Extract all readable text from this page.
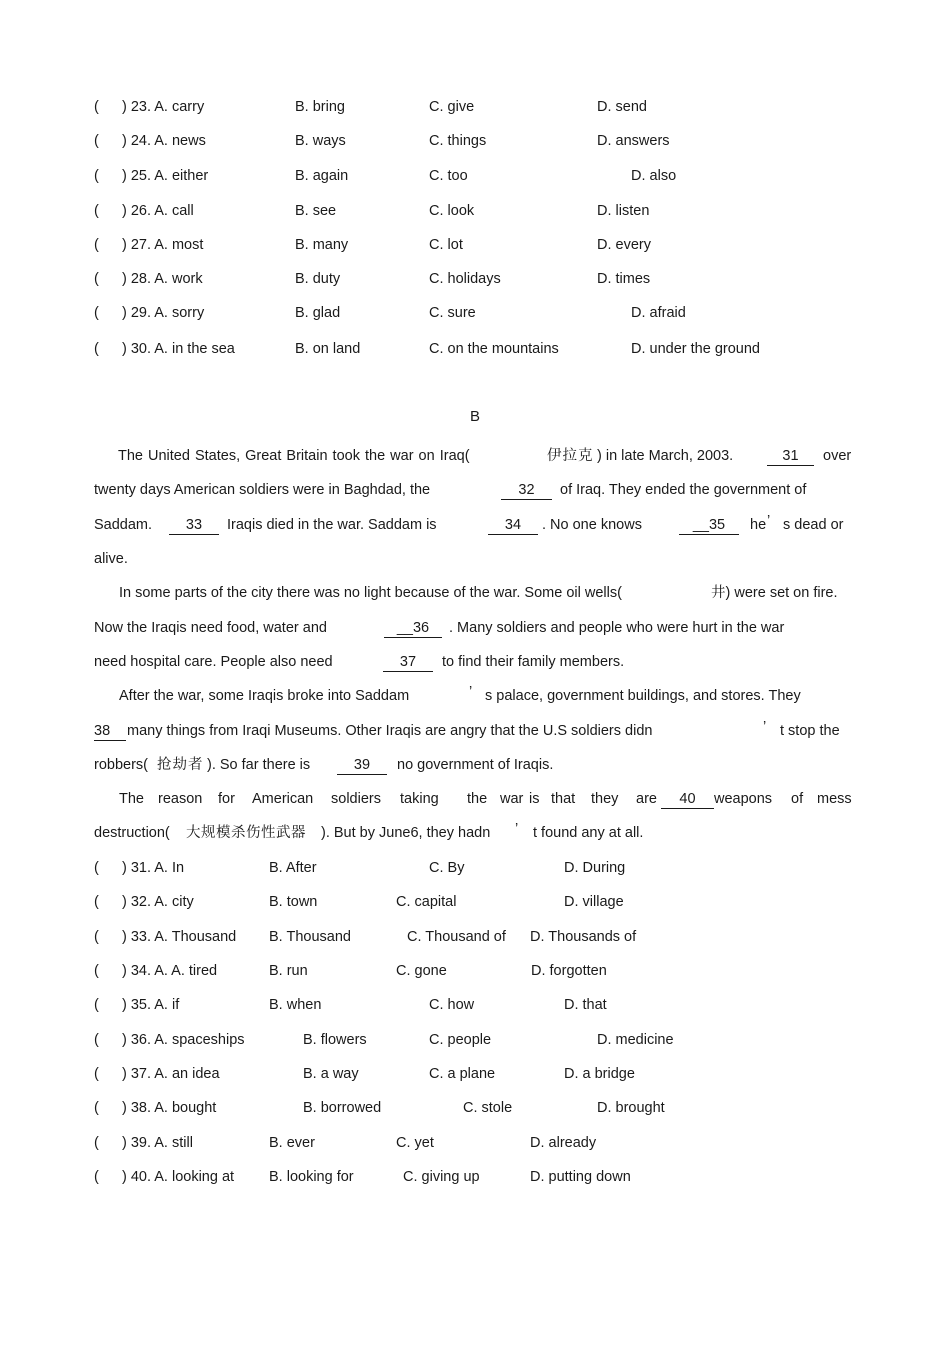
( ) 23. A. carry	B. bring	C. give	D. send
( ) 24. A. news	B. ways	C. things	D. answers
( ) 25. A. either	B. again	C. too	D. also
( ) 26. A. call	B. see	C. look	D. listen
( ) 27. A. most	B. many	C. lot	D. every
( ) 28. A. work	B. duty	C. holidays	D. times
( ) 29. A. sorry	B. glad	C. sure	D. afraid
( ) 30. A. in the sea	B. on land	C. on the mountains	D. under the ground
B
The United States, Great Britain took the war on Iraq(	伊拉克 ) in late March, 2003.	31	over
twenty days American soldiers were in Baghdad, the	32	of Iraq. They ended the government of
Saddam.	33	Iraqis died in the war. Saddam is	34	. No one knows	__35	he ’ s dead or
alive.
In some parts of the city there was no light because of the war. Some oil wells(	井) were set on fire.
Now the Iraqis need food, water and	__36	. Many soldiers and people who were hurt in the war
need hospital care. People also need	37	to find their family members.
After the war, some Iraqis broke into Saddam	’ s palace, government buildings, and stores. They
38	many things from Iraqi Museums. Other Iraqis are angry that the U.S soldiers didn	’ t stop the
robbers( 抢劫者 ). So far there is	39	no government of Iraqis.
The reason for American soldiers taking the war is that they are	40	weapons of mess
destruction( 大规模杀伤性武器 ). But by June6, they hadn ’ t found any at all.
( ) 31. A. In	B. After	C. By	D. During
( ) 32. A. city	B. town	C. capital	D. village
( ) 33. A. Thousand B. Thousand	C. Thousand of D. Thousands of
( ) 34. A. A. tired	B. run	C. gone	D. forgotten
( ) 35. A. if	B. when	C. how	D. that
( ) 36. A. spaceships	B. flowers	C. people	D. medicine
( ) 37. A. an idea	B. a way	C. a plane	D. a bridge
( ) 38. A. bought	B. borrowed	C. stole	D. brought
( ) 39. A. still	B. ever	C. yet	D. already
( ) 40. A. looking at B. looking for	C. giving up	D. putting down
